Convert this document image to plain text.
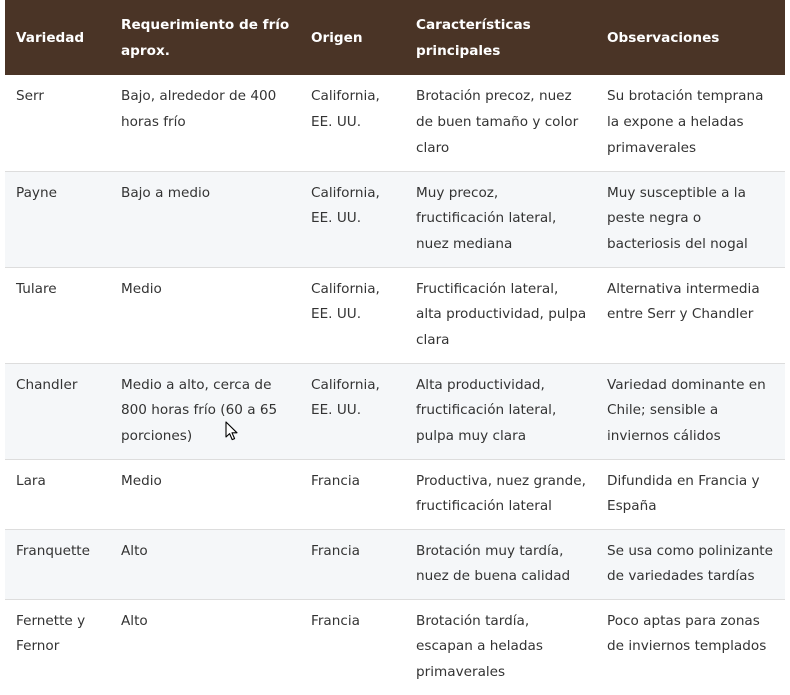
Variedad	Requerimiento de frío aprox.	Origen	Características principales	Observaciones
Serr	Bajo, alrededor de 400 horas frío	California, EE. UU.	Brotación precoz, nuez de buen tamaño y color claro	Su brotación temprana la expone a heladas primaverales
Payne	Bajo a medio	California, EE. UU.	Muy precoz, fructificación lateral, nuez mediana	Muy susceptible a la peste negra o bacteriosis del nogal
Tulare	Medio	California, EE. UU.	Fructificación lateral, alta productividad, pulpa clara	Alternativa intermedia entre Serr y Chandler
Chandler	Medio a alto, cerca de 800 horas frío (60 a 65 porciones)	California, EE. UU.	Alta productividad, fructificación lateral, pulpa muy clara	Variedad dominante en Chile; sensible a inviernos cálidos
Lara	Medio	Francia	Productiva, nuez grande, fructificación lateral	Difundida en Francia y España
Franquette	Alto	Francia	Brotación muy tardía, nuez de buena calidad	Se usa como polinizante de variedades tardías
Fernette y Fernor	Alto	Francia	Brotación tardía, escapan a heladas primaverales	Poco aptas para zonas de inviernos templados
